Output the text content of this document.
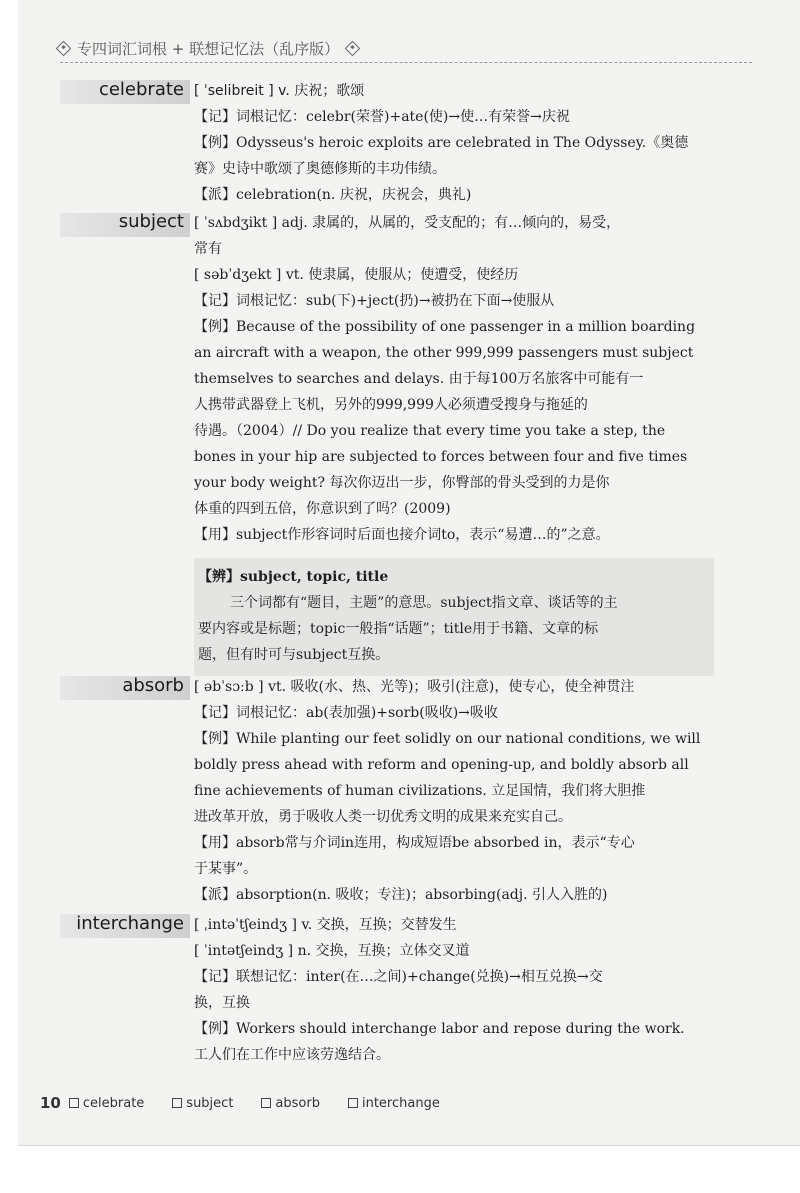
专四词汇词根 + 联想记忆法（乱序版）
celebrate [ ˈselibreit ] v. 庆祝；歌颂
【记】词根记忆：celebr(荣誉)+ate(使)→使…有荣誉→庆祝
【例】Odysseus's heroic exploits are celebrated in The Odyssey.《奥德
赛》史诗中歌颂了奥德修斯的丰功伟绩。
【派】celebration(n. 庆祝，庆祝会，典礼)
subject [ ˈsʌbdʒikt ] adj. 隶属的，从属的，受支配的；有…倾向的，易受，
常有
[ səbˈdʒekt ] vt. 使隶属，使服从；使遭受，使经历
【记】词根记忆：sub(下)+ject(扔)→被扔在下面→使服从
【例】Because of the possibility of one passenger in a million boarding
an aircraft with a weapon, the other 999,999 passengers must subject
themselves to searches and delays. 由于每100万名旅客中可能有一
人携带武器登上飞机，另外的999,999人必须遭受搜身与拖延的
待遇。（2004）// Do you realize that every time you take a step, the
bones in your hip are subjected to forces between four and five times
your body weight? 每次你迈出一步，你臀部的骨头受到的力是你
体重的四到五倍，你意识到了吗？(2009)
【用】subject作形容词时后面也接介词to，表示“易遭…的”之意。
【辨】subject, topic, title
三个词都有“题目，主题”的意思。subject指文章、谈话等的主
要内容或是标题；topic一般指“话题”；title用于书籍、文章的标
题，但有时可与subject互换。
absorb [ əbˈsɔːb ] vt. 吸收(水、热、光等)；吸引(注意)，使专心，使全神贯注
【记】词根记忆：ab(表加强)+sorb(吸收)→吸收
【例】While planting our feet solidly on our national conditions, we will
boldly press ahead with reform and opening-up, and boldly absorb all
fine achievements of human civilizations. 立足国情，我们将大胆推
进改革开放，勇于吸收人类一切优秀文明的成果来充实自己。
【用】absorb常与介词in连用，构成短语be absorbed in，表示“专心
于某事”。
【派】absorption(n. 吸收；专注)；absorbing(adj. 引人入胜的)
interchange [ ˌintəˈtʃeindʒ ] v. 交换，互换；交替发生
[ ˈintətʃeindʒ ] n. 交换，互换；立体交叉道
【记】联想记忆：inter(在…之间)+change(兑换)→相互兑换→交
换，互换
【例】Workers should interchange labor and repose during the work.
工人们在工作中应该劳逸结合。
10 celebrate	subject	absorb	interchange
